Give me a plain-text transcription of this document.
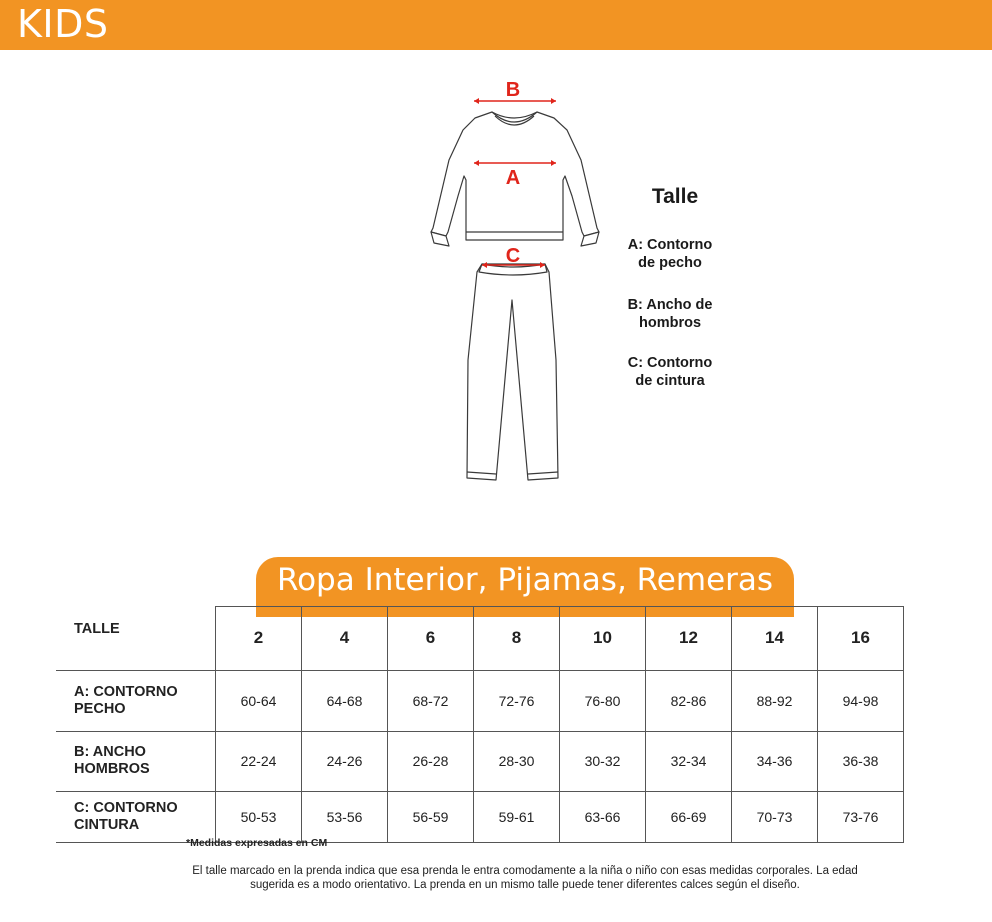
KIDS
B
A
C
Talle
A: Contorno
de pecho
B: Ancho de
hombros
C: Contorno
de cintura
Ropa Interior, Pijamas, Remeras
TALLE	2	4	6	8	10	12	14	16

A: CONTORNO
PECHO	60-64	64-68	68-72	72-76	76-80	82-86	88-92	94-98

B: ANCHO
HOMBROS	22-24	24-26	26-28	28-30	30-32	32-34	34-36	36-38

C: CONTORNO
CINTURA	50-53	53-56	56-59	59-61	63-66	66-69	70-73	73-76
*Medidas expresadas en CM
El talle marcado en la prenda indica que esa prenda le entra comodamente a la niña o niño con esas medidas corporales. La edad
sugerida es a modo orientativo. La prenda en un mismo talle puede tener diferentes calces según el diseño.
